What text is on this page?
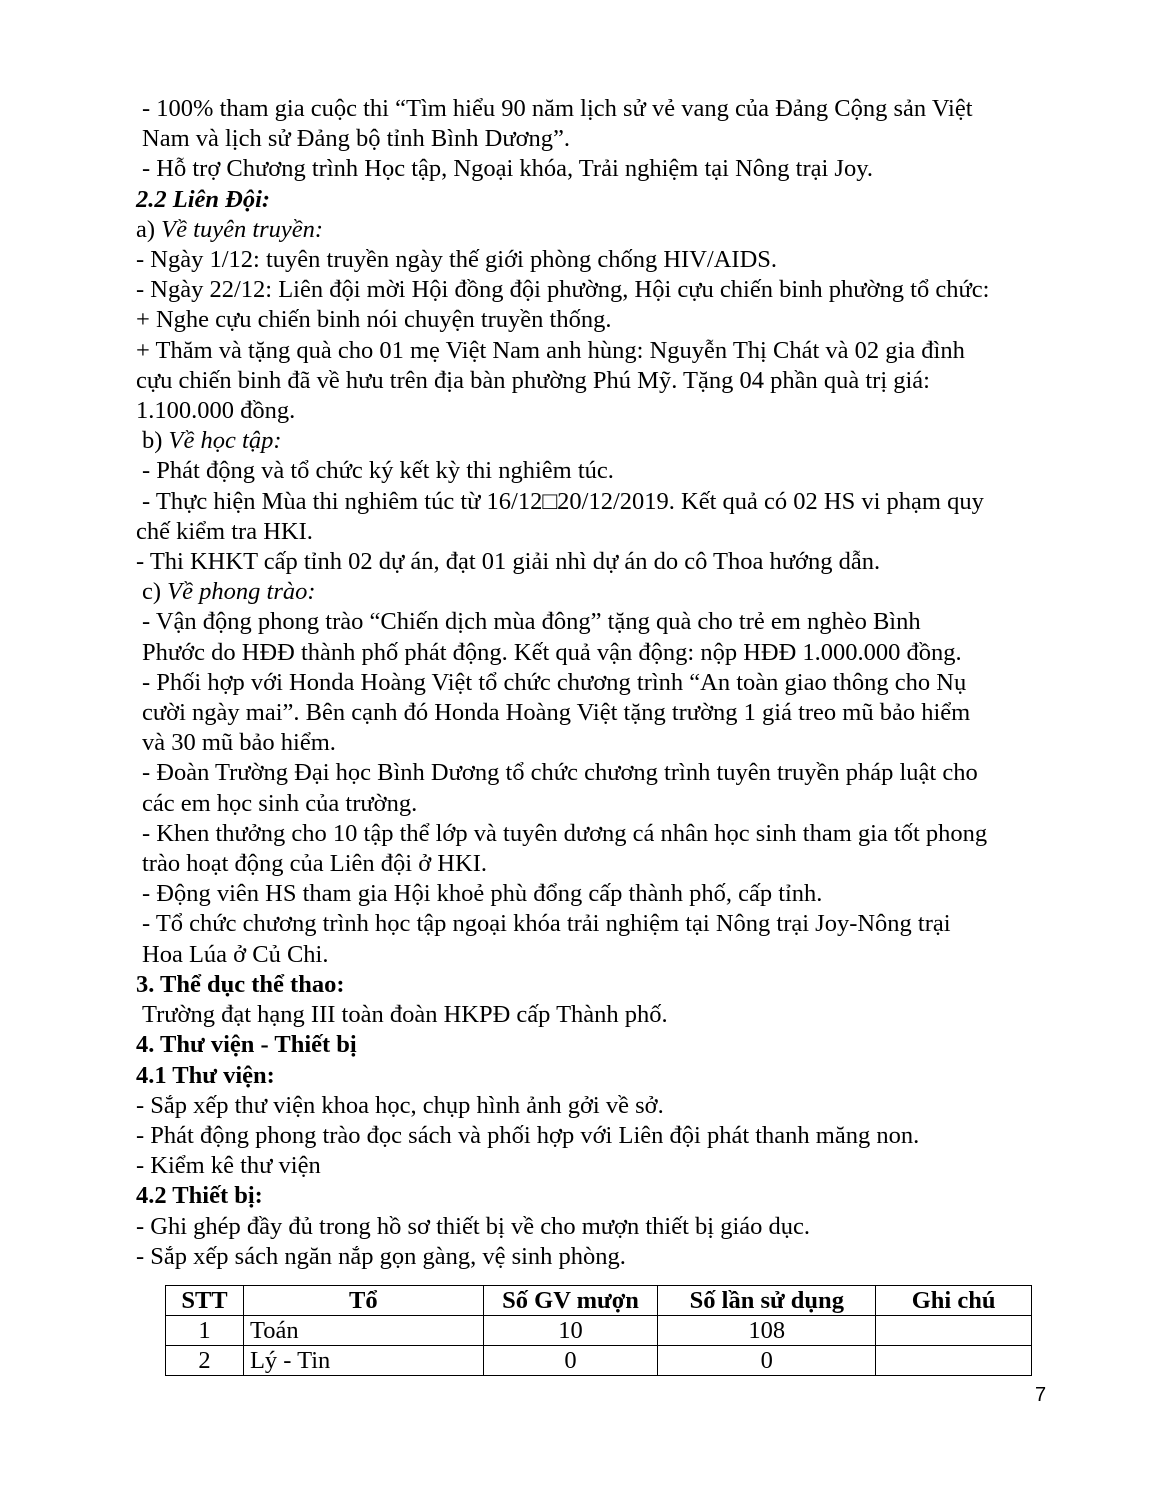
- 100% tham gia cuộc thi “Tìm hiểu 90 năm lịch sử vẻ vang của Đảng Cộng sản Việt

Nam và lịch sử Đảng bộ tỉnh Bình Dương”.

- Hỗ trợ Chương trình Học tập, Ngoại khóa, Trải nghiệm tại Nông trại Joy.

2.2 Liên Đội:

a) Về tuyên truyền:

- Ngày 1/12: tuyên truyền ngày thế giới phòng chống HIV/AIDS.

- Ngày 22/12: Liên đội mời Hội đồng đội phường, Hội cựu chiến binh phường tổ chức:

+ Nghe cựu chiến binh nói chuyện truyền thống.

+ Thăm và tặng quà cho 01 mẹ Việt Nam anh hùng: Nguyễn Thị Chát và 02 gia đình

cựu chiến binh đã về hưu trên địa bàn phường Phú Mỹ. Tặng 04 phần quà trị giá:

1.100.000 đồng.

b) Về học tập:

- Phát động và tổ chức ký kết kỳ thi nghiêm túc.

- Thực hiện Mùa thi nghiêm túc từ 16/12□20/12/2019. Kết quả có 02 HS vi phạm quy

chế kiểm tra HKI.

- Thi KHKT cấp tỉnh 02 dự án, đạt 01 giải nhì dự án do cô Thoa hướng dẫn.

c) Về phong trào:

- Vận động phong trào “Chiến dịch mùa đông” tặng quà cho trẻ em nghèo Bình

Phước do HĐĐ thành phố phát động. Kết quả vận động: nộp HĐĐ 1.000.000 đồng.

- Phối hợp với Honda Hoàng Việt tổ chức chương trình “An toàn giao thông cho Nụ

cười ngày mai”. Bên cạnh đó Honda Hoàng Việt tặng trường 1 giá treo mũ bảo hiểm

và 30 mũ bảo hiểm.

- Đoàn Trường Đại học Bình Dương tổ chức chương trình tuyên truyền pháp luật cho

các em học sinh của trường.

- Khen thưởng cho 10 tập thể lớp và tuyên dương cá nhân học sinh tham gia tốt phong

trào hoạt động của Liên đội ở HKI.

- Động viên HS tham gia Hội khoẻ phù đổng cấp thành phố, cấp tỉnh.

- Tổ chức chương trình học tập ngoại khóa trải nghiệm tại Nông trại Joy-Nông trại

Hoa Lúa ở Củ Chi.

3. Thể dục thể thao:

Trường đạt hạng III toàn đoàn HKPĐ cấp Thành phố.

4. Thư viện - Thiết bị

4.1 Thư viện:

- Sắp xếp thư viện khoa học, chụp hình ảnh gởi về sở.

- Phát động phong trào đọc sách và phối hợp với Liên đội phát thanh măng non.

- Kiểm kê thư viện

4.2 Thiết bị:

- Ghi ghép đầy đủ trong hồ sơ thiết bị về cho mượn thiết bị giáo dục.

- Sắp xếp sách ngăn nắp gọn gàng, vệ sinh phòng.

STT	Tổ	Số GV mượn	Số lần sử dụng	Ghi chú
1	Toán	10	108	
2	Lý - Tin	0	0	
7
